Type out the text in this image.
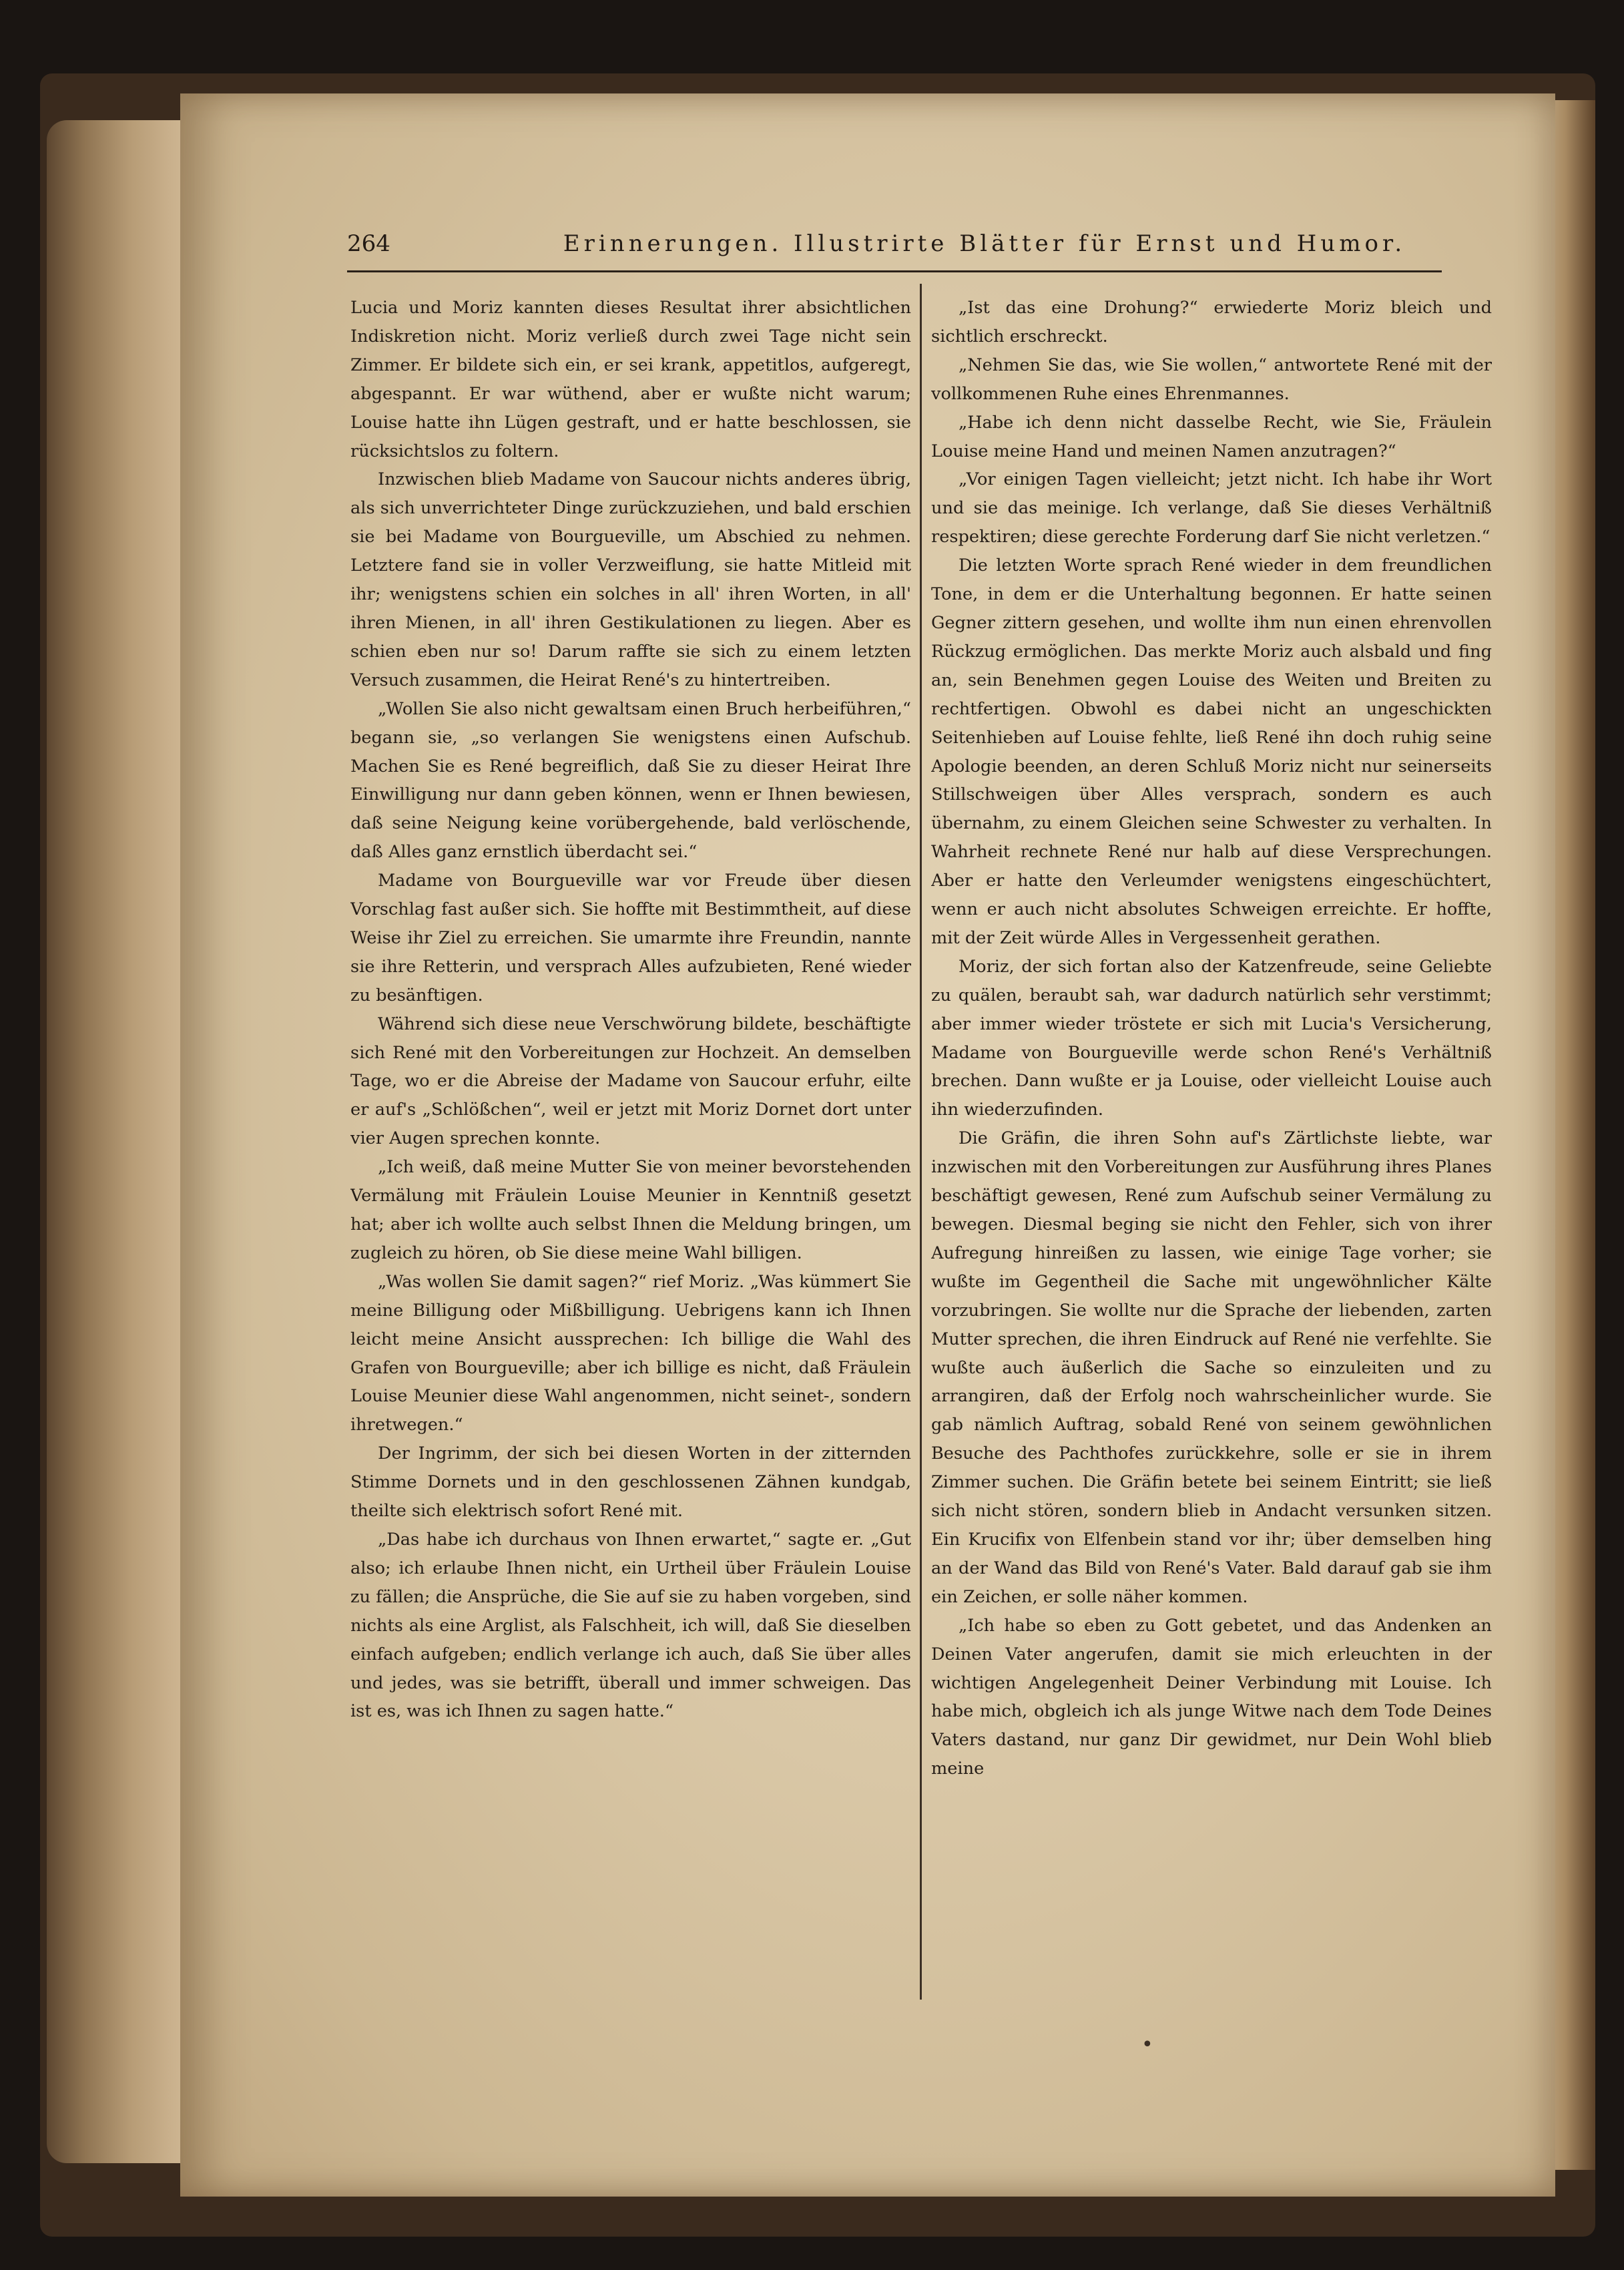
264	Erinnerungen. Illustrirte Blätter für Ernst und Humor.

Lucia und Moriz kannten dieses Resultat ihrer absichtlichen Indiskretion nicht. Moriz verließ durch zwei Tage nicht sein Zimmer. Er bildete sich ein, er sei krank, appetitlos, aufgeregt, abgespannt. Er war wüthend, aber er wußte nicht warum; Louise hatte ihn Lügen gestraft, und er hatte beschlossen, sie rücksichtslos zu foltern.

Inzwischen blieb Madame von Saucour nichts anderes übrig, als sich unverrichteter Dinge zurückzuziehen, und bald erschien sie bei Madame von Bourgueville, um Abschied zu nehmen. Letztere fand sie in voller Verzweiflung, sie hatte Mitleid mit ihr; wenigstens schien ein solches in all' ihren Worten, in all' ihren Mienen, in all' ihren Gestikulationen zu liegen. Aber es schien eben nur so! Darum raffte sie sich zu einem letzten Versuch zusammen, die Heirat René's zu hintertreiben.

„Wollen Sie also nicht gewaltsam einen Bruch herbeiführen,“ begann sie, „so verlangen Sie wenigstens einen Aufschub. Machen Sie es René begreiflich, daß Sie zu dieser Heirat Ihre Einwilligung nur dann geben können, wenn er Ihnen bewiesen, daß seine Neigung keine vorübergehende, bald verlöschende, daß Alles ganz ernstlich überdacht sei.“

Madame von Bourgueville war vor Freude über diesen Vorschlag fast außer sich. Sie hoffte mit Bestimmtheit, auf diese Weise ihr Ziel zu erreichen. Sie umarmte ihre Freundin, nannte sie ihre Retterin, und versprach Alles aufzubieten, René wieder zu besänftigen.

Während sich diese neue Verschwörung bildete, beschäftigte sich René mit den Vorbereitungen zur Hochzeit. An demselben Tage, wo er die Abreise der Madame von Saucour erfuhr, eilte er auf's „Schlößchen“, weil er jetzt mit Moriz Dornet dort unter vier Augen sprechen konnte.

„Ich weiß, daß meine Mutter Sie von meiner bevorstehenden Vermälung mit Fräulein Louise Meunier in Kenntniß gesetzt hat; aber ich wollte auch selbst Ihnen die Meldung bringen, um zugleich zu hören, ob Sie diese meine Wahl billigen.

„Was wollen Sie damit sagen?“ rief Moriz. „Was kümmert Sie meine Billigung oder Mißbilligung. Uebrigens kann ich Ihnen leicht meine Ansicht aussprechen: Ich billige die Wahl des Grafen von Bourgueville; aber ich billige es nicht, daß Fräulein Louise Meunier diese Wahl angenommen, nicht seinet-, sondern ihretwegen.“

Der Ingrimm, der sich bei diesen Worten in der zitternden Stimme Dornets und in den geschlossenen Zähnen kundgab, theilte sich elektrisch sofort René mit.

„Das habe ich durchaus von Ihnen erwartet,“ sagte er. „Gut also; ich erlaube Ihnen nicht, ein Urtheil über Fräulein Louise zu fällen; die Ansprüche, die Sie auf sie zu haben vorgeben, sind nichts als eine Arglist, als Falschheit, ich will, daß Sie dieselben einfach aufgeben; endlich verlange ich auch, daß Sie über alles und jedes, was sie betrifft, überall und immer schweigen. Das ist es, was ich Ihnen zu sagen hatte.“

„Ist das eine Drohung?“ erwiederte Moriz bleich und sichtlich erschreckt.

„Nehmen Sie das, wie Sie wollen,“ antwortete René mit der vollkommenen Ruhe eines Ehrenmannes.

„Habe ich denn nicht dasselbe Recht, wie Sie, Fräulein Louise meine Hand und meinen Namen anzutragen?“

„Vor einigen Tagen vielleicht; jetzt nicht. Ich habe ihr Wort und sie das meinige. Ich verlange, daß Sie dieses Verhältniß respektiren; diese gerechte Forderung darf Sie nicht verletzen.“

Die letzten Worte sprach René wieder in dem freundlichen Tone, in dem er die Unterhaltung begonnen. Er hatte seinen Gegner zittern gesehen, und wollte ihm nun einen ehrenvollen Rückzug ermöglichen. Das merkte Moriz auch alsbald und fing an, sein Benehmen gegen Louise des Weiten und Breiten zu rechtfertigen. Obwohl es dabei nicht an ungeschickten Seitenhieben auf Louise fehlte, ließ René ihn doch ruhig seine Apologie beenden, an deren Schluß Moriz nicht nur seinerseits Stillschweigen über Alles versprach, sondern es auch übernahm, zu einem Gleichen seine Schwester zu verhalten. In Wahrheit rechnete René nur halb auf diese Versprechungen. Aber er hatte den Verleumder wenigstens eingeschüchtert, wenn er auch nicht absolutes Schweigen erreichte. Er hoffte, mit der Zeit würde Alles in Vergessenheit gerathen.

Moriz, der sich fortan also der Katzenfreude, seine Geliebte zu quälen, beraubt sah, war dadurch natürlich sehr verstimmt; aber immer wieder tröstete er sich mit Lucia's Versicherung, Madame von Bourgueville werde schon René's Verhältniß brechen. Dann wußte er ja Louise, oder vielleicht Louise auch ihn wiederzufinden.

Die Gräfin, die ihren Sohn auf's Zärtlichste liebte, war inzwischen mit den Vorbereitungen zur Ausführung ihres Planes beschäftigt gewesen, René zum Aufschub seiner Vermälung zu bewegen. Diesmal beging sie nicht den Fehler, sich von ihrer Aufregung hinreißen zu lassen, wie einige Tage vorher; sie wußte im Gegentheil die Sache mit ungewöhnlicher Kälte vorzubringen. Sie wollte nur die Sprache der liebenden, zarten Mutter sprechen, die ihren Eindruck auf René nie verfehlte. Sie wußte auch äußerlich die Sache so einzuleiten und zu arrangiren, daß der Erfolg noch wahrscheinlicher wurde. Sie gab nämlich Auftrag, sobald René von seinem gewöhnlichen Besuche des Pachthofes zurückkehre, solle er sie in ihrem Zimmer suchen. Die Gräfin betete bei seinem Eintritt; sie ließ sich nicht stören, sondern blieb in Andacht versunken sitzen. Ein Krucifix von Elfenbein stand vor ihr; über demselben hing an der Wand das Bild von René's Vater. Bald darauf gab sie ihm ein Zeichen, er solle näher kommen.

„Ich habe so eben zu Gott gebetet, und das Andenken an Deinen Vater angerufen, damit sie mich erleuchten in der wichtigen Angelegenheit Deiner Verbindung mit Louise. Ich habe mich, obgleich ich als junge Witwe nach dem Tode Deines Vaters dastand, nur ganz Dir gewidmet, nur Dein Wohl blieb meine

•
